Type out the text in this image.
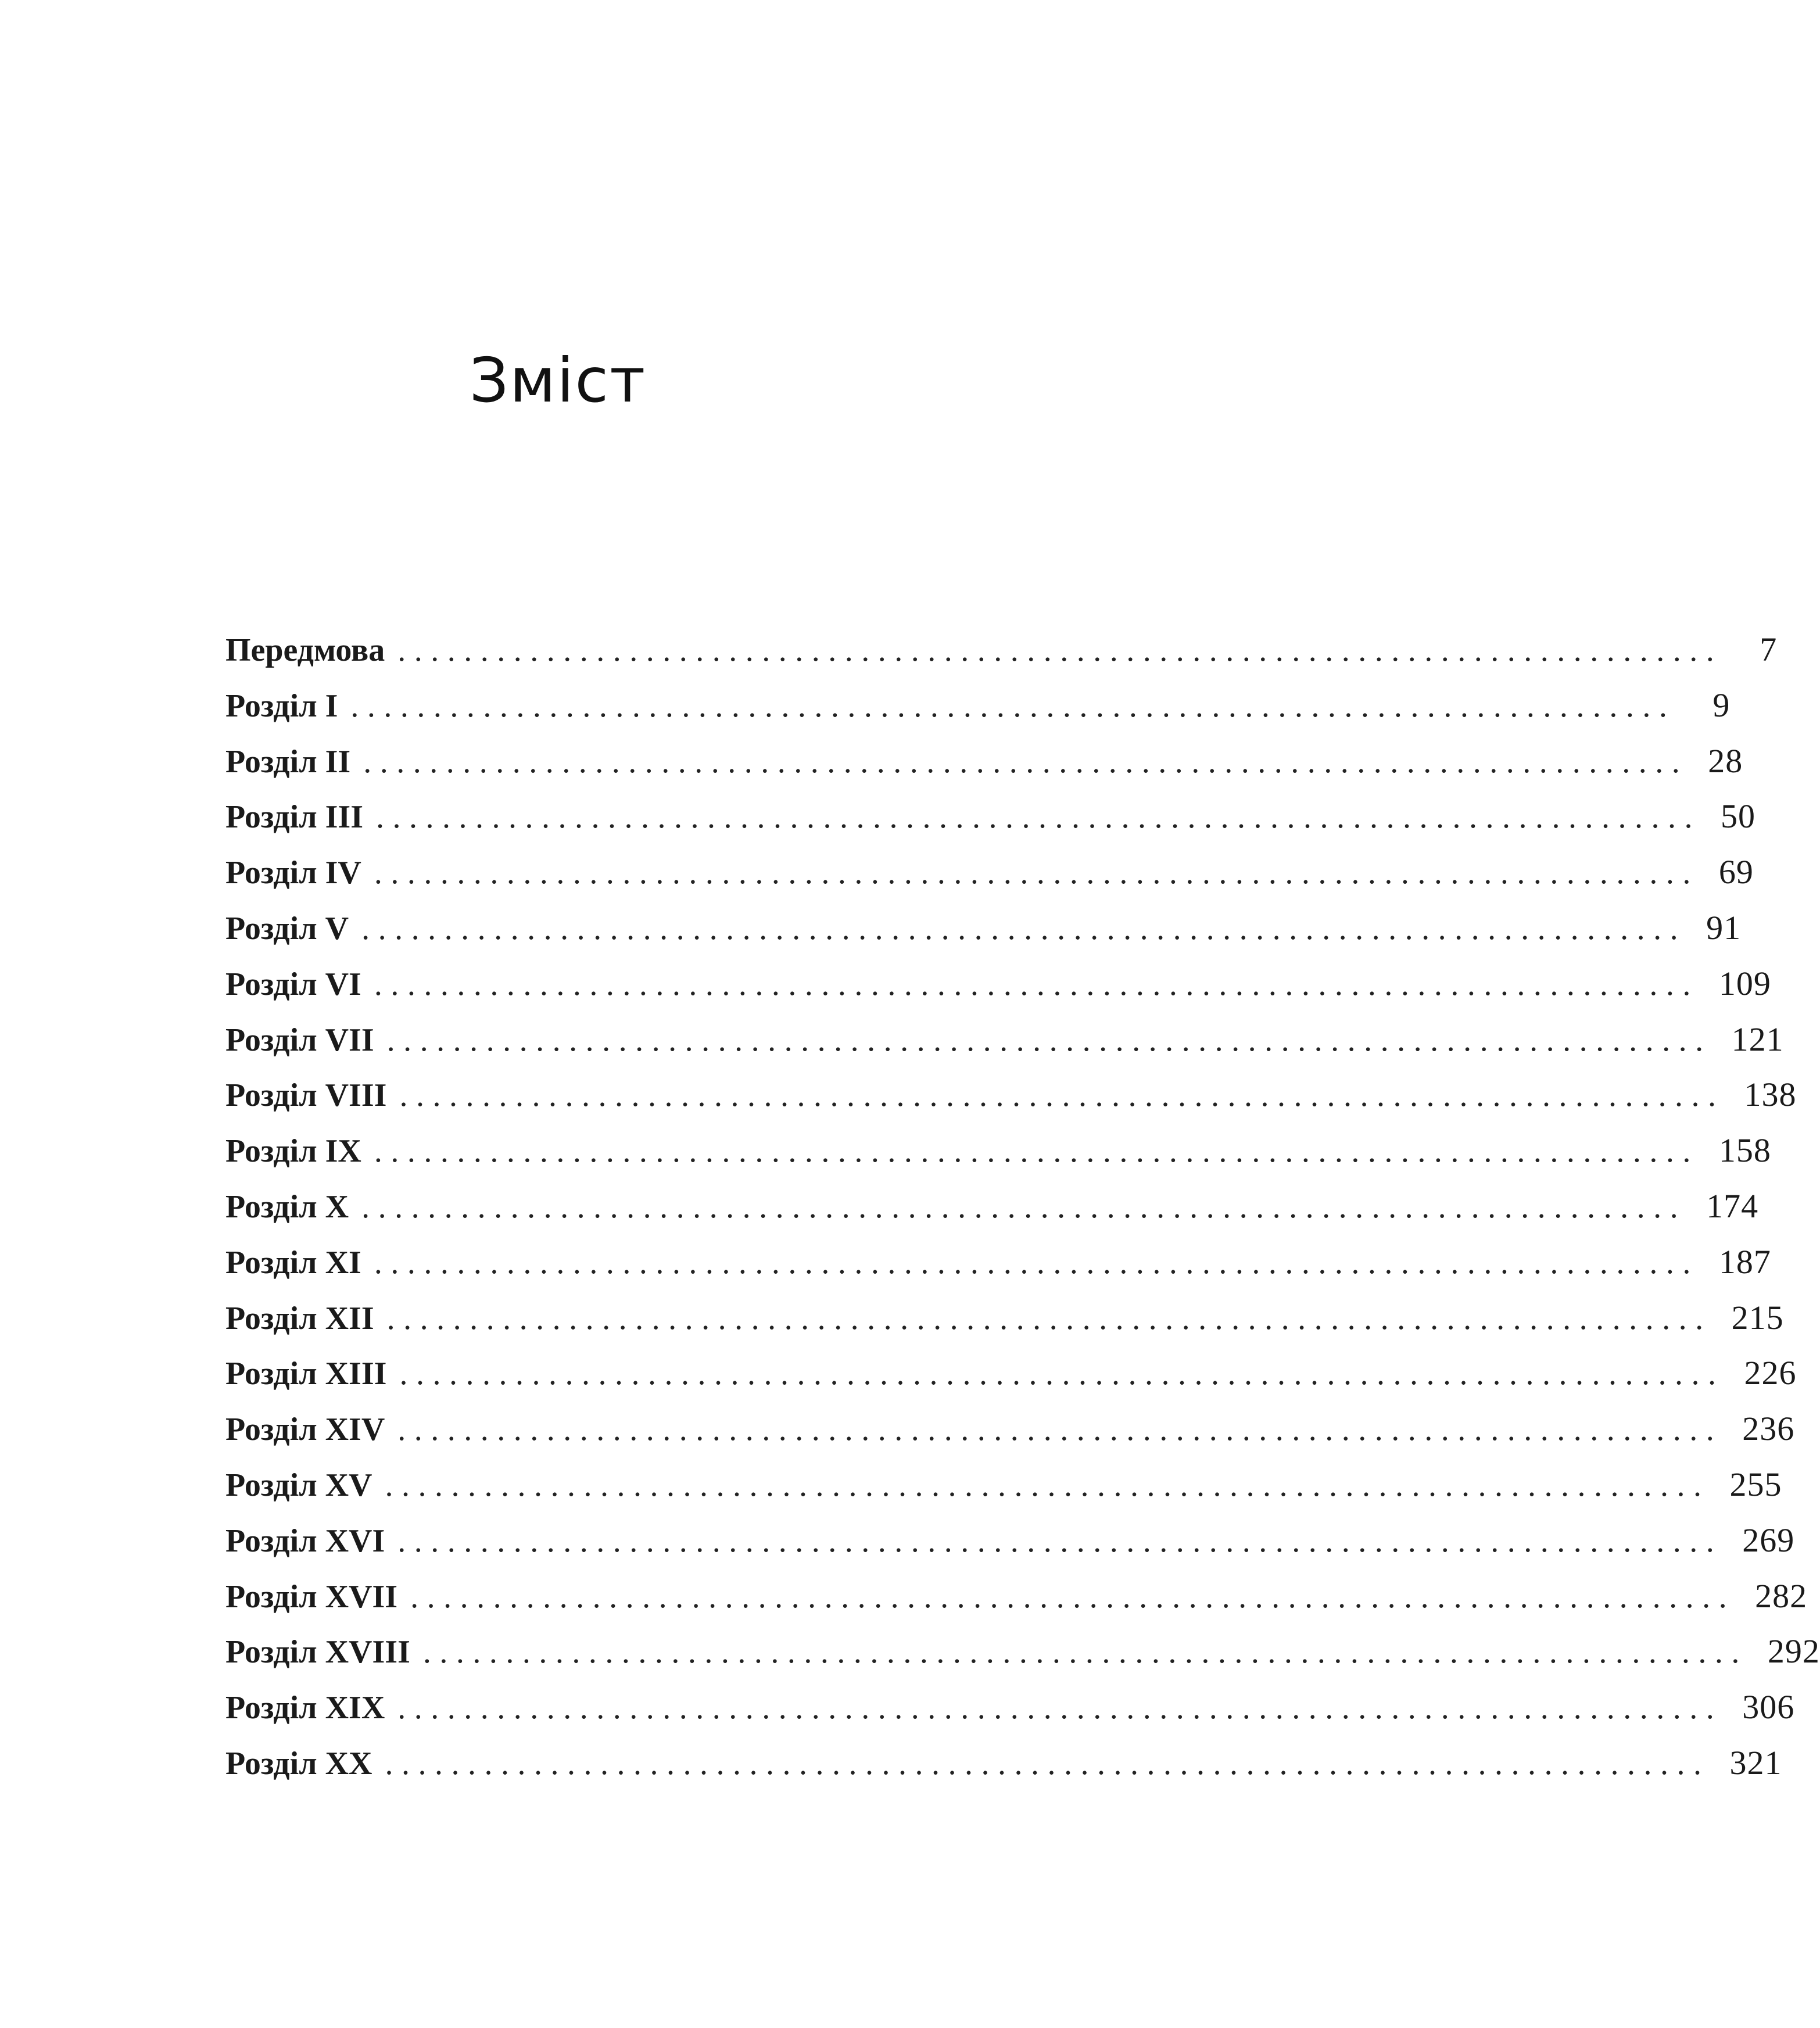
Зміст
Передмова ................................................................................	7
Розділ I ................................................................................	9
Розділ II ................................................................................ 28
Розділ III ................................................................................ 50
Розділ IV ................................................................................ 69
Розділ V ................................................................................ 91
Розділ VI ................................................................................ 109
Розділ VII ................................................................................ 121
Розділ VIII ................................................................................ 138
Розділ IX ................................................................................ 158
Розділ X ................................................................................ 174
Розділ XI ................................................................................ 187
Розділ XII ................................................................................ 215
Розділ XIII ................................................................................ 226
Розділ XIV ................................................................................ 236
Розділ XV ................................................................................ 255
Розділ XVI ................................................................................ 269
Розділ XVII ................................................................................ 282
Розділ XVIII ................................................................................ 292
Розділ XIX ................................................................................ 306
Розділ XX ................................................................................ 321
